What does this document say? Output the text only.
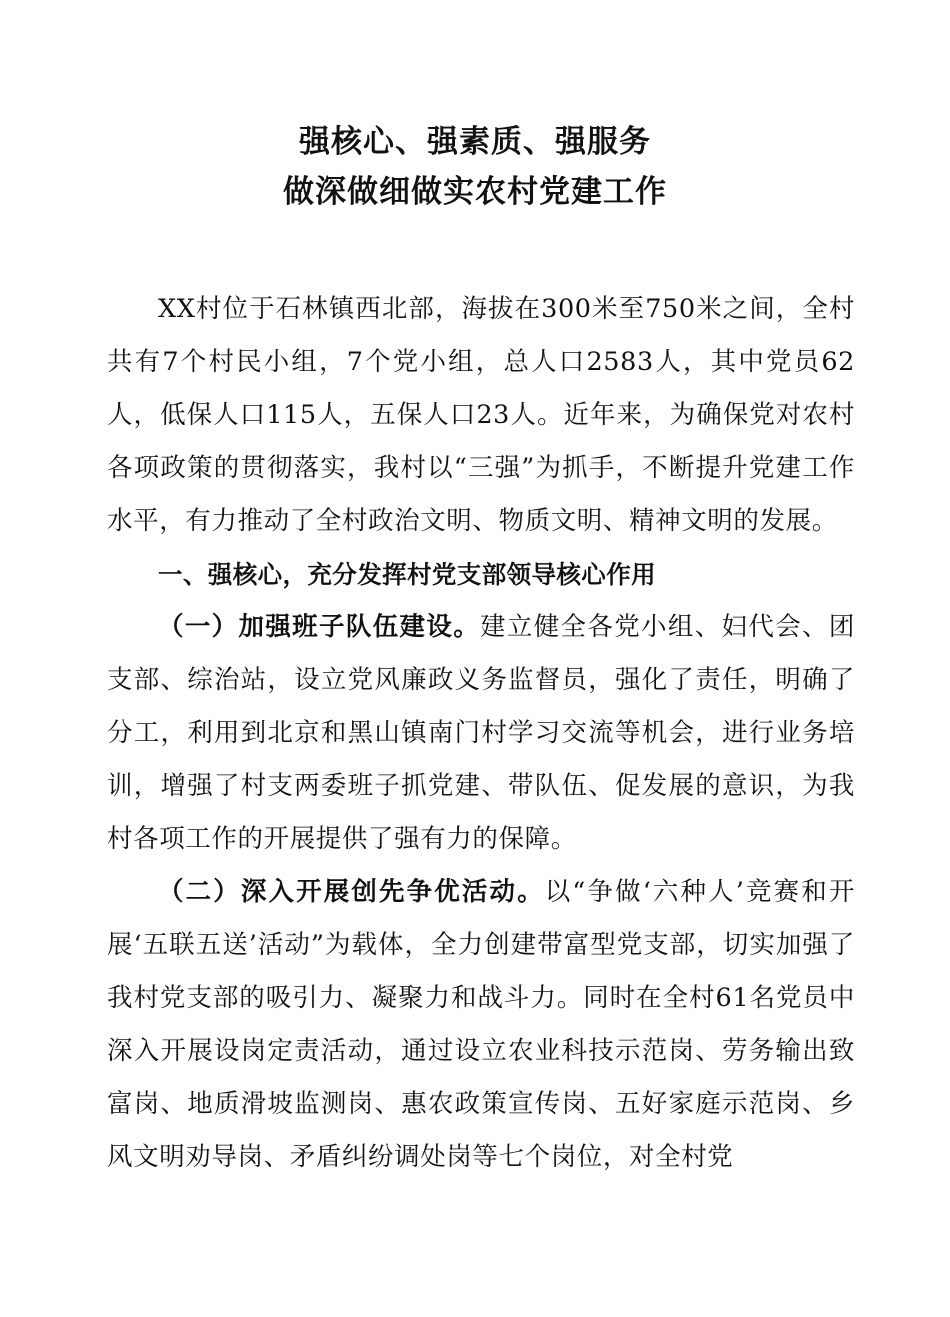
强核心、强素质、强服务
做深做细做实农村党建工作

XX村位于石林镇西北部，海拔在300米至750米之间，全村共有7个村民小组，7个党小组，总人口2583人，其中党员62人，低保人口115人，五保人口23人。近年来，为确保党对农村各项政策的贯彻落实，我村以“三强”为抓手，不断提升党建工作水平，有力推动了全村政治文明、物质文明、精神文明的发展。

一、强核心，充分发挥村党支部领导核心作用

（一）加强班子队伍建设。建立健全各党小组、妇代会、团支部、综治站，设立党风廉政义务监督员，强化了责任，明确了分工，利用到北京和黑山镇南门村学习交流等机会，进行业务培训，增强了村支两委班子抓党建、带队伍、促发展的意识，为我村各项工作的开展提供了强有力的保障。

（二）深入开展创先争优活动。以“争做‘六种人’竞赛和开展‘五联五送’活动”为载体，全力创建带富型党支部，切实加强了我村党支部的吸引力、凝聚力和战斗力。同时在全村61名党员中深入开展设岗定责活动，通过设立农业科技示范岗、劳务输出致富岗、地质滑坡监测岗、惠农政策宣传岗、五好家庭示范岗、乡风文明劝导岗、矛盾纠纷调处岗等七个岗位，对全村党
